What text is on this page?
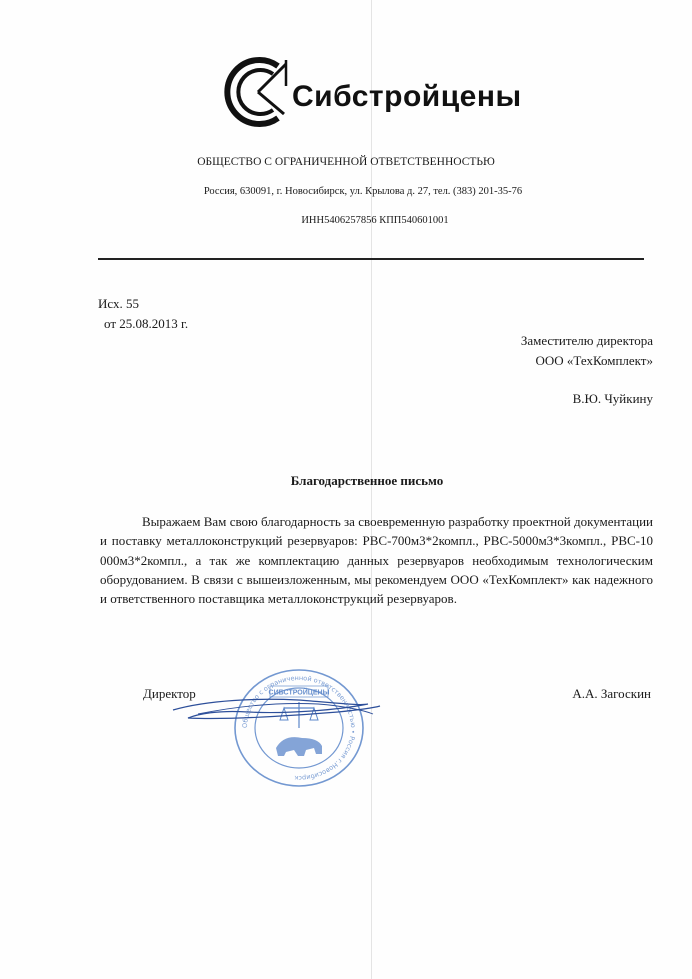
Сибстройцены
ОБЩЕСТВО С ОГРАНИЧЕННОЙ ОТВЕТСТВЕННОСТЬЮ
Россия, 630091, г. Новосибирск, ул. Крылова д. 27, тел. (383) 201-35-76
ИНН5406257856 КПП540601001
Исх. 55
от 25.08.2013 г.
Заместителю директора
ООО «ТехКомплект»
В.Ю. Чуйкину
Благодарственное письмо
Выражаем Вам свою благодарность за своевременную разработку проектной документации и поставку металлоконструкций резервуаров: РВС-700м3*2компл., РВС-5000м3*3компл., РВС-10 000м3*2компл., а так же комплектацию данных резервуаров необходимым технологическим оборудованием. В связи с вышеизложенным, мы рекомендуем ООО «ТехКомплект» как надежного и ответственного поставщика металлоконструкций резервуаров.
Директор	А.А. Загоскин
Общество с ограниченной ответственностью • Россия г.Новосибирск
СИБСТРОЙЦЕНЫ
